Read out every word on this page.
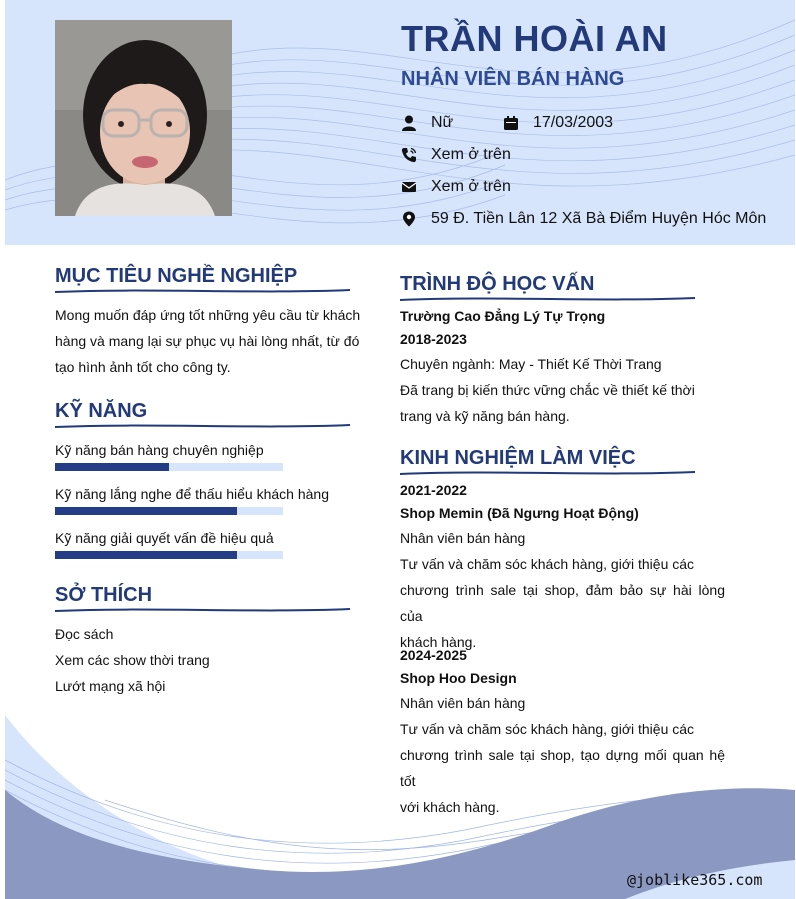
TRẦN HOÀI AN
NHÂN VIÊN BÁN HÀNG
Nữ	17/03/2003
Xem ở trên
Xem ở trên
59 Đ. Tiền Lân 12 Xã Bà Điểm Huyện Hóc Môn
MỤC TIÊU NGHỀ NGHIỆP

Mong muốn đáp ứng tốt những yêu cầu từ khách
hàng và mang lại sự phục vụ hài lòng nhất, từ đó
tạo hình ảnh tốt cho công ty.

KỸ NĂNG
Kỹ năng bán hàng chuyên nghiệp
Kỹ năng lắng nghe để thấu hiểu khách hàng
Kỹ năng giải quyết vấn đề hiệu quả
SỞ THÍCH

Đọc sách
Xem các show thời trang
Lướt mạng xã hội

TRÌNH ĐỘ HỌC VẤN
Trường Cao Đẳng Lý Tự Trọng
2018-2023
Chuyên ngành: May - Thiết Kế Thời Trang

Đã trang bị kiến thức vững chắc về thiết kế thời
trang và kỹ năng bán hàng.

KINH NGHIỆM LÀM VIỆC
2021-2022
Shop Memin (Đã Ngưng Hoạt Động)
Nhân viên bán hàng

Tư vấn và chăm sóc khách hàng, giới thiệu các
chương trình sale tại shop, đảm bảo sự hài lòng của
khách hàng.

2024-2025
Shop Hoo Design
Nhân viên bán hàng

Tư vấn và chăm sóc khách hàng, giới thiệu các
chương trình sale tại shop, tạo dựng mối quan hệ tốt
với khách hàng.

@joblike365.com
